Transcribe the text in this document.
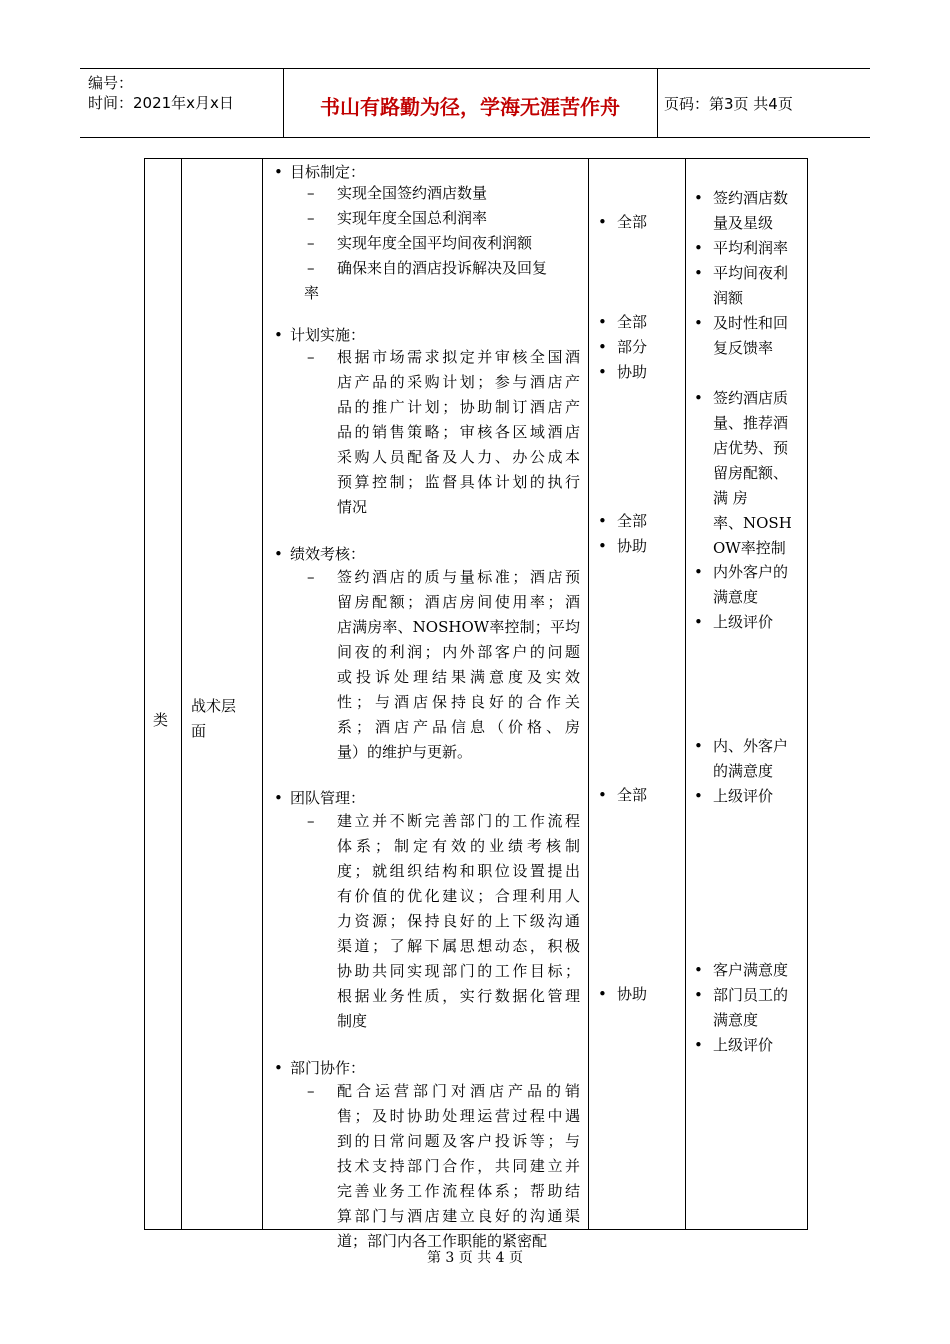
编号：
时间：2021年x月x日	书山有路勤为径，学海无涯苦作舟	页码：第3页 共4页
类
战术层
面
• 目标制定：
– 实现全国签约酒店数量
– 实现年度全国总利润率
– 实现年度全国平均间夜利润额
– 确保来自的酒店投诉解决及回复
率
• 计划实施：
– 根据市场需求拟定并审核全国酒
店产品的采购计划；参与酒店产
品的推广计划；协助制订酒店产
品的销售策略；审核各区域酒店
采购人员配备及人力、办公成本
预算控制；监督具体计划的执行
情况
• 绩效考核：
– 签约酒店的质与量标准；酒店预
留房配额；酒店房间使用率；酒
店满房率、NOSHOW率控制；平均
间夜的利润；内外部客户的问题
或投诉处理结果满意度及实效
性；与酒店保持良好的合作关
系；酒店产品信息（价格、房
量）的维护与更新。
• 团队管理：
– 建立并不断完善部门的工作流程
体系；制定有效的业绩考核制
度；就组织结构和职位设置提出
有价值的优化建议；合理利用人
力资源；保持良好的上下级沟通
渠道；了解下属思想动态，积极
协助共同实现部门的工作目标；
根据业务性质，实行数据化管理
制度
• 部门协作：
– 配合运营部门对酒店产品的销
售；及时协助处理运营过程中遇
到的日常问题及客户投诉等；与
技术支持部门合作，共同建立并
完善业务工作流程体系；帮助结
算部门与酒店建立良好的沟通渠
道；部门内各工作职能的紧密配
• 全部
• 全部
• 部分
• 协助
• 全部
• 协助
• 全部
• 协助
• 签约酒店数
量及星级
• 平均利润率
• 平均间夜利
润额
• 及时性和回
复反馈率
• 签约酒店质
量、推荐酒
店优势、预
留房配额、
满 房
率、NOSH
OW率控制
• 内外客户的
满意度
• 上级评价
• 内、外客户
的满意度
• 上级评价
• 客户满意度
• 部门员工的
满意度
• 上级评价
第 3 页 共 4 页
